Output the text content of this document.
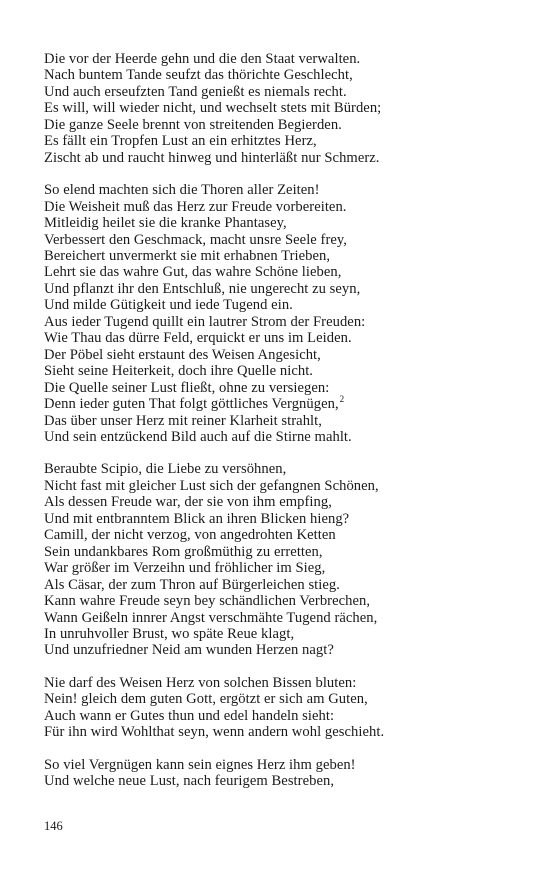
Die vor der Heerde gehn und die den Staat verwalten.
Nach buntem Tande seufzt das thörichte Geschlecht,
Und auch erseufzten Tand genießt es niemals recht.
Es will, will wieder nicht, und wechselt stets mit Bürden;
Die ganze Seele brennt von streitenden Begierden.
Es fällt ein Tropfen Lust an ein erhitztes Herz,
Zischt ab und raucht hinweg und hinterläßt nur Schmerz.
So elend machten sich die Thoren aller Zeiten!
Die Weisheit muß das Herz zur Freude vorbereiten.
Mitleidig heilet sie die kranke Phantasey,
Verbessert den Geschmack, macht unsre Seele frey,
Bereichert unvermerkt sie mit erhabnen Trieben,
Lehrt sie das wahre Gut, das wahre Schöne lieben,
Und pflanzt ihr den Entschluß, nie ungerecht zu seyn,
Und milde Gütigkeit und iede Tugend ein.
Aus ieder Tugend quillt ein lautrer Strom der Freuden:
Wie Thau das dürre Feld, erquickt er uns im Leiden.
Der Pöbel sieht erstaunt des Weisen Angesicht,
Sieht seine Heiterkeit, doch ihre Quelle nicht.
Die Quelle seiner Lust fließt, ohne zu versiegen:
Denn ieder guten That folgt göttliches Vergnügen,$^2$
Das über unser Herz mit reiner Klarheit strahlt,
Und sein entzückend Bild auch auf die Stirne mahlt.
Beraubte Scipio, die Liebe zu versöhnen,
Nicht fast mit gleicher Lust sich der gefangnen Schönen,
Als dessen Freude war, der sie von ihm empfing,
Und mit entbranntem Blick an ihren Blicken hieng?
Camill, der nicht verzog, von angedrohten Ketten
Sein undankbares Rom großmüthig zu erretten,
War größer im Verzeihn und fröhlicher im Sieg,
Als Cäsar, der zum Thron auf Bürgerleichen stieg.
Kann wahre Freude seyn bey schändlichen Verbrechen,
Wann Geißeln innrer Angst verschmähte Tugend rächen,
In unruhvoller Brust, wo späte Reue klagt,
Und unzufriedner Neid am wunden Herzen nagt?
Nie darf des Weisen Herz von solchen Bissen bluten:
Nein! gleich dem guten Gott, ergötzt er sich am Guten,
Auch wann er Gutes thun und edel handeln sieht:
Für ihn wird Wohlthat seyn, wenn andern wohl geschieht.
So viel Vergnügen kann sein eignes Herz ihm geben!
Und welche neue Lust, nach feurigem Bestreben,
146
